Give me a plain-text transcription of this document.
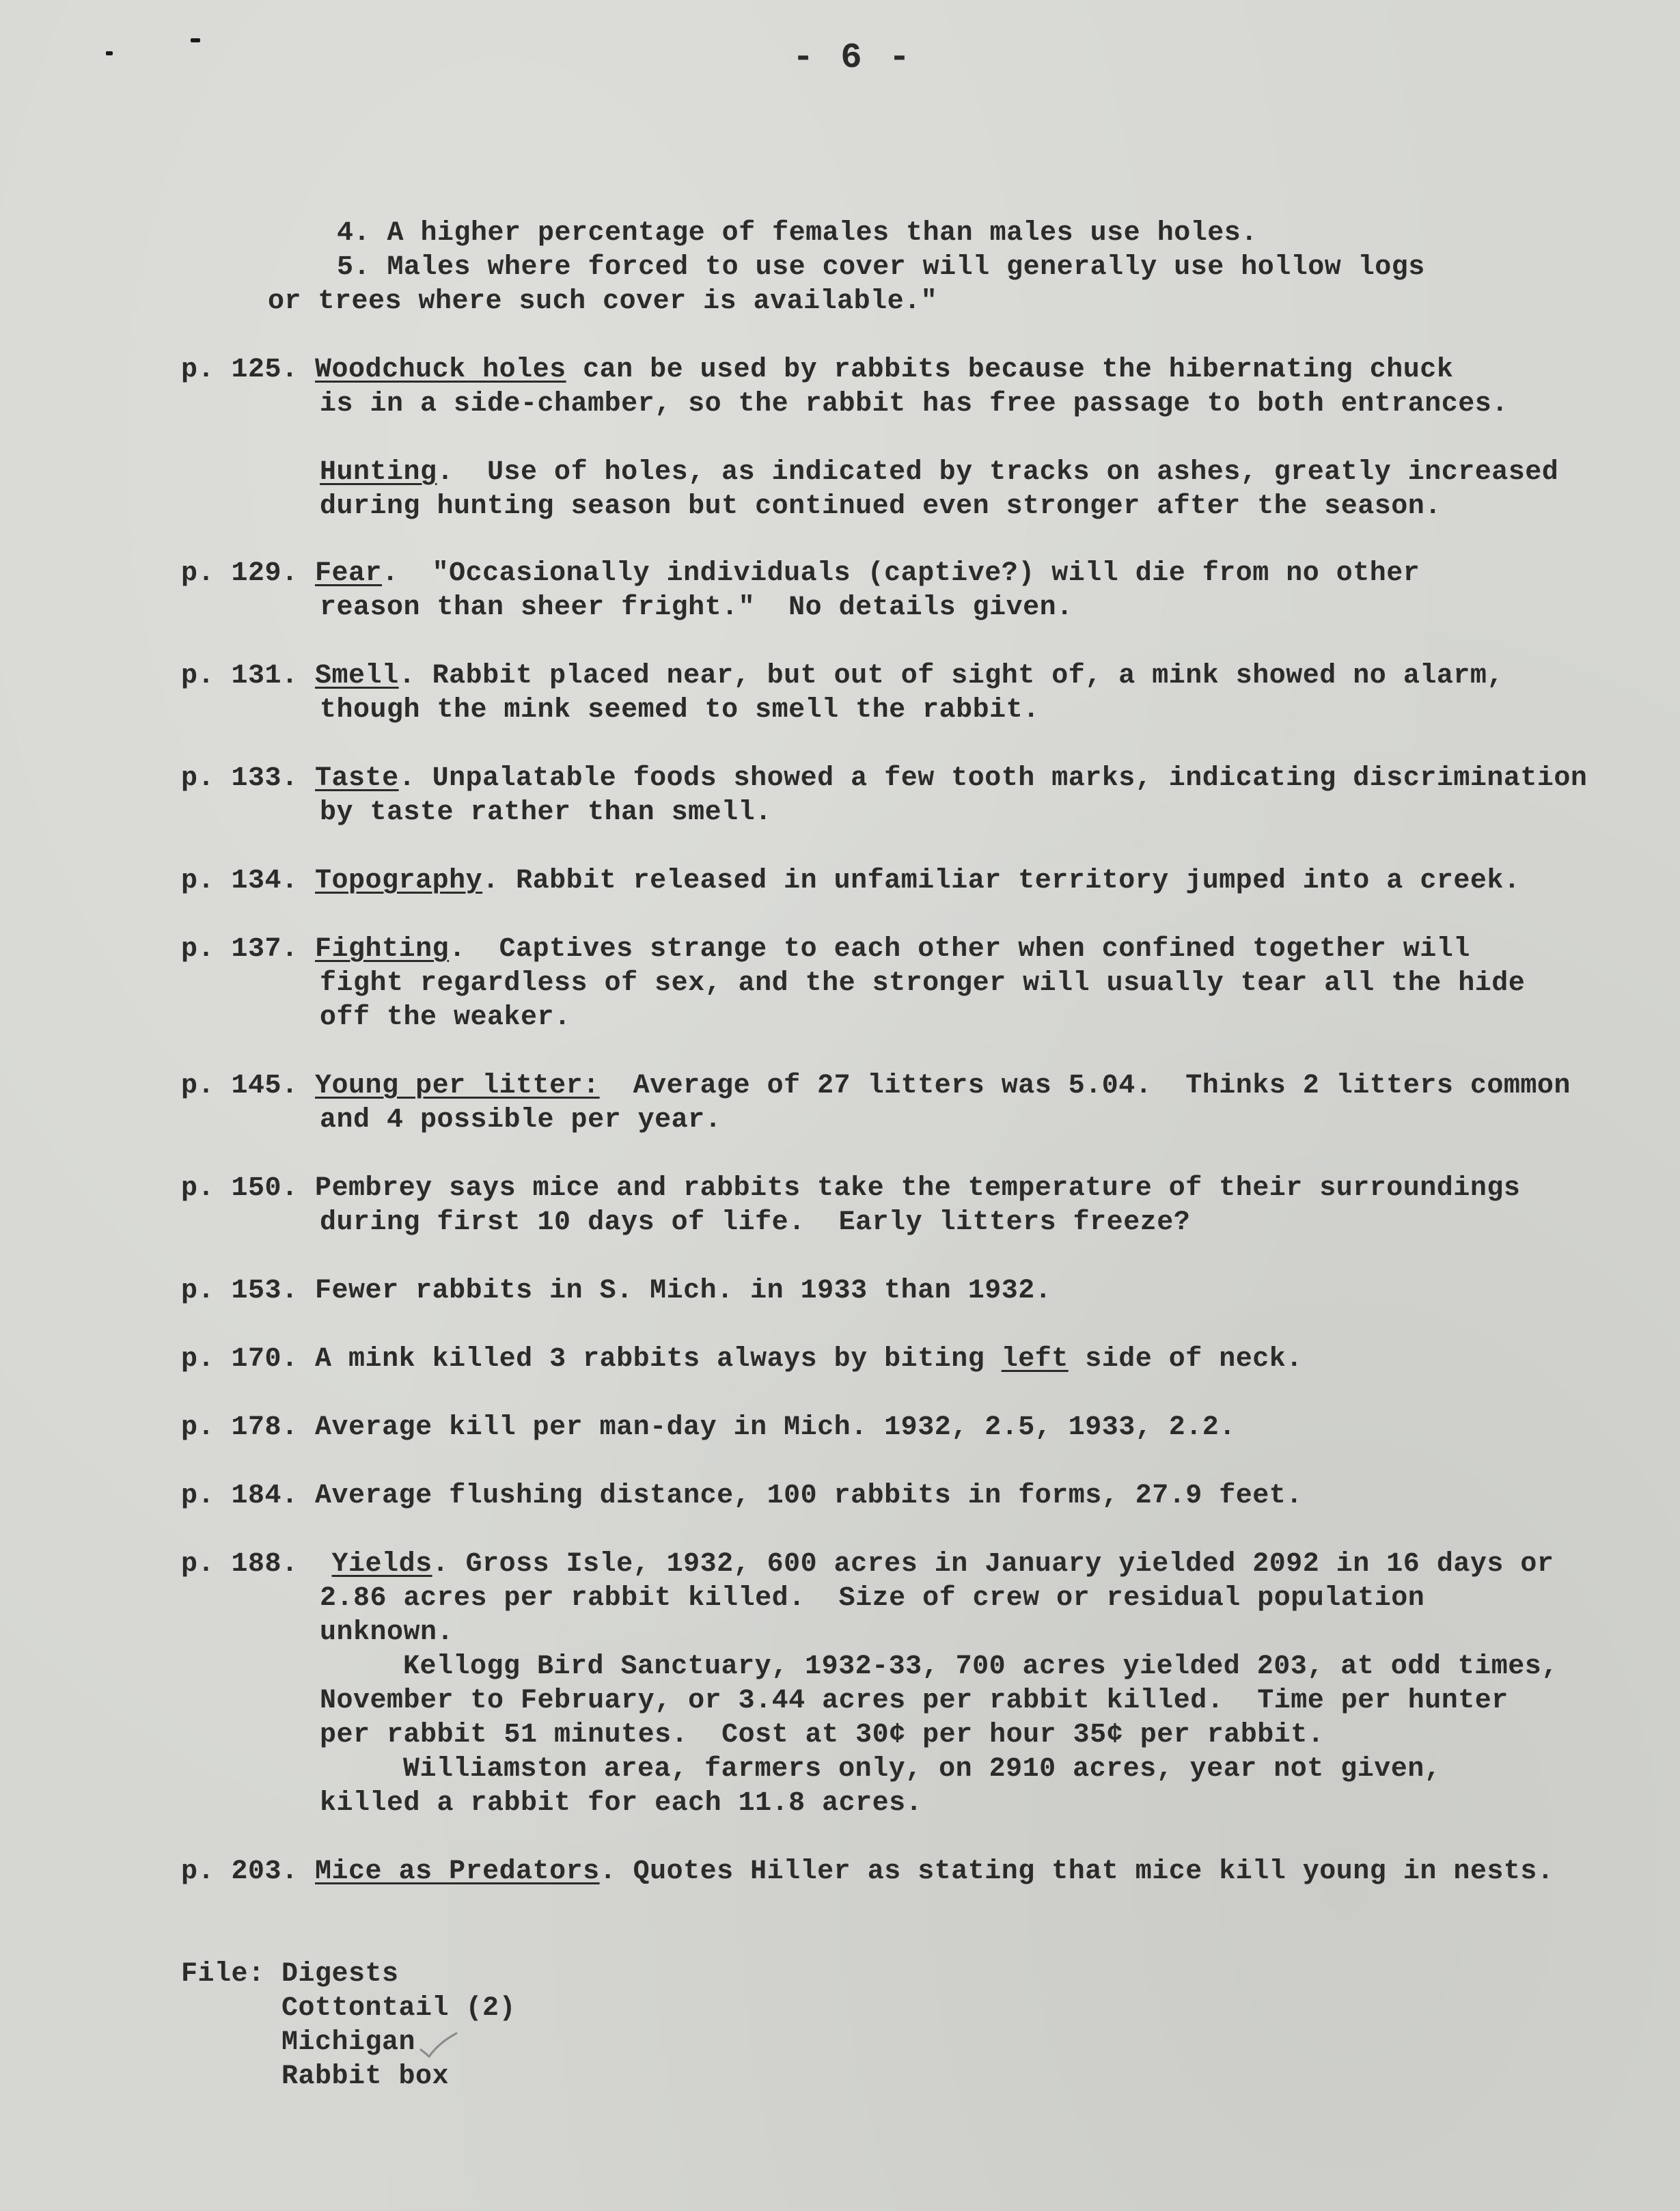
- 6 -
4. A higher percentage of females than males use holes.
5. Males where forced to use cover will generally use hollow logs
or trees where such cover is available."
p. 125. Woodchuck holes can be used by rabbits because the hibernating chuck
is in a side-chamber, so the rabbit has free passage to both entrances.
Hunting.  Use of holes, as indicated by tracks on ashes, greatly increased
during hunting season but continued even stronger after the season.
p. 129. Fear.  "Occasionally individuals (captive?) will die from no other
reason than sheer fright."  No details given.
p. 131. Smell. Rabbit placed near, but out of sight of, a mink showed no alarm,
though the mink seemed to smell the rabbit.
p. 133. Taste. Unpalatable foods showed a few tooth marks, indicating discrimination
by taste rather than smell.
p. 134. Topography. Rabbit released in unfamiliar territory jumped into a creek.
p. 137. Fighting.  Captives strange to each other when confined together will
fight regardless of sex, and the stronger will usually tear all the hide
off the weaker.
p. 145. Young per litter:  Average of 27 litters was 5.04.  Thinks 2 litters common
and 4 possible per year.
p. 150. Pembrey says mice and rabbits take the temperature of their surroundings
during first 10 days of life.  Early litters freeze?
p. 153. Fewer rabbits in S. Mich. in 1933 than 1932.
p. 170. A mink killed 3 rabbits always by biting left side of neck.
p. 178. Average kill per man-day in Mich. 1932, 2.5, 1933, 2.2.
p. 184. Average flushing distance, 100 rabbits in forms, 27.9 feet.
p. 188. Yields. Gross Isle, 1932, 600 acres in January yielded 2092 in 16 days or
2.86 acres per rabbit killed.  Size of crew or residual population
unknown.
Kellogg Bird Sanctuary, 1932-33, 700 acres yielded 203, at odd times,
November to February, or 3.44 acres per rabbit killed.  Time per hunter
per rabbit 51 minutes.  Cost at 30¢ per hour 35¢ per rabbit.
Williamston area, farmers only, on 2910 acres, year not given,
killed a rabbit for each 11.8 acres.
p. 203. Mice as Predators. Quotes Hiller as stating that mice kill young in nests.
File: Digests
Cottontail (2)
Michigan
Rabbit box
